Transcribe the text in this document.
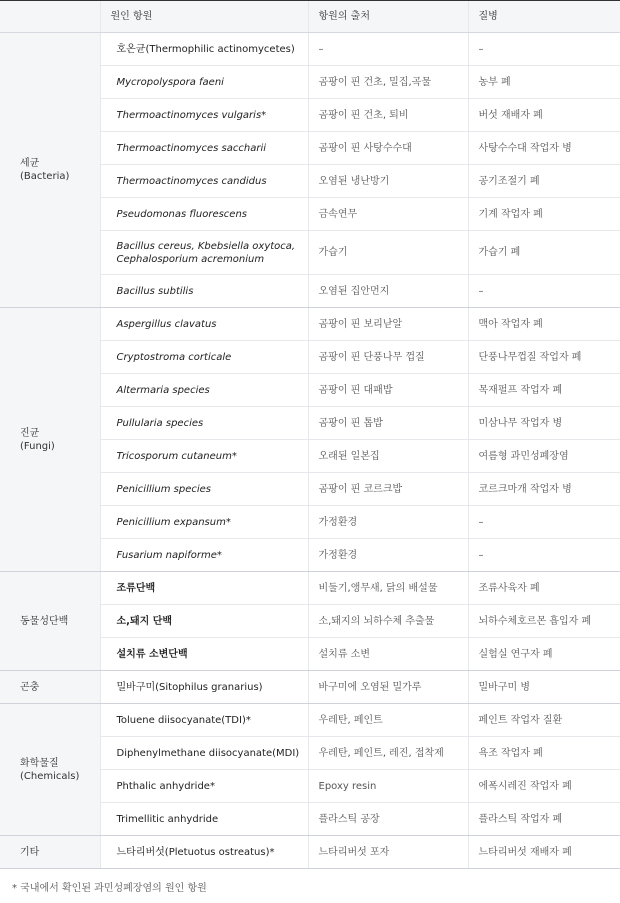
	원인 항원	항원의 출처	질병
세균
(Bacteria)	호온균(Thermophilic actinomycetes)	–	–
	Mycropolyspora faeni	곰팡이 핀 건초, 밀집,곡물	농부 폐
	Thermoactinomyces vulgaris*	곰팡이 핀 건초, 퇴비	버섯 재배자 폐
	Thermoactinomyces saccharii	곰팡이 핀 사탕수수대	사탕수수대 작업자 병
	Thermoactinomyces candidus	오염된 냉난방기	공기조절기 폐
	Pseudomonas fluorescens	금속연무	기계 작업자 폐
	Bacillus cereus, Kbebsiella oxytoca, Cephalosporium acremonium	가습기	가습기 폐
	Bacillus subtilis	오염된 집안먼지	–
진균
(Fungi)	Aspergillus clavatus	곰팡이 핀 보리낟알	맥아 작업자 폐
	Cryptostroma corticale	곰팡이 핀 단풍나무 껍질	단풍나무껍질 작업자 폐
	Altermaria species	곰팡이 핀 대패밥	목재펄프 작업자 폐
	Pullularia species	곰팡이 핀 톱밥	미삼나무 작업자 병
	Tricosporum cutaneum*	오래된 일본집	여름형 과민성폐장염
	Penicillium species	곰팡이 핀 코르크밥	코르크마개 작업자 병
	Penicillium expansum*	가정환경	–
	Fusarium napiforme*	가정환경	–
동물성단백	조류단백	비둘기,앵무새, 닭의 배설물	조류사육자 폐
	소,돼지 단백	소,돼지의 뇌하수체 추출물	뇌하수체호르몬 흡입자 폐
	설치류 소변단백	설치류 소변	실험실 연구자 폐
곤충	밀바구미(Sitophilus granarius)	바구미에 오염된 밀가루	밀바구미 병
화학물질
(Chemicals)	Toluene diisocyanate(TDI)*	우레탄, 페인트	페인트 작업자 질환
	Diphenylmethane diisocyanate(MDI)	우레탄, 페인트, 레진, 접착제	욕조 작업자 폐
	Phthalic anhydride*	Epoxy resin	에폭시레진 작업자 폐
	Trimellitic anhydride	플라스틱 공장	플라스틱 작업자 폐
기타	느타리버섯(Pletuotus ostreatus)*	느타리버섯 포자	느타리버섯 재배자 폐
* 국내에서 확인된 과민성폐장염의 원인 항원
